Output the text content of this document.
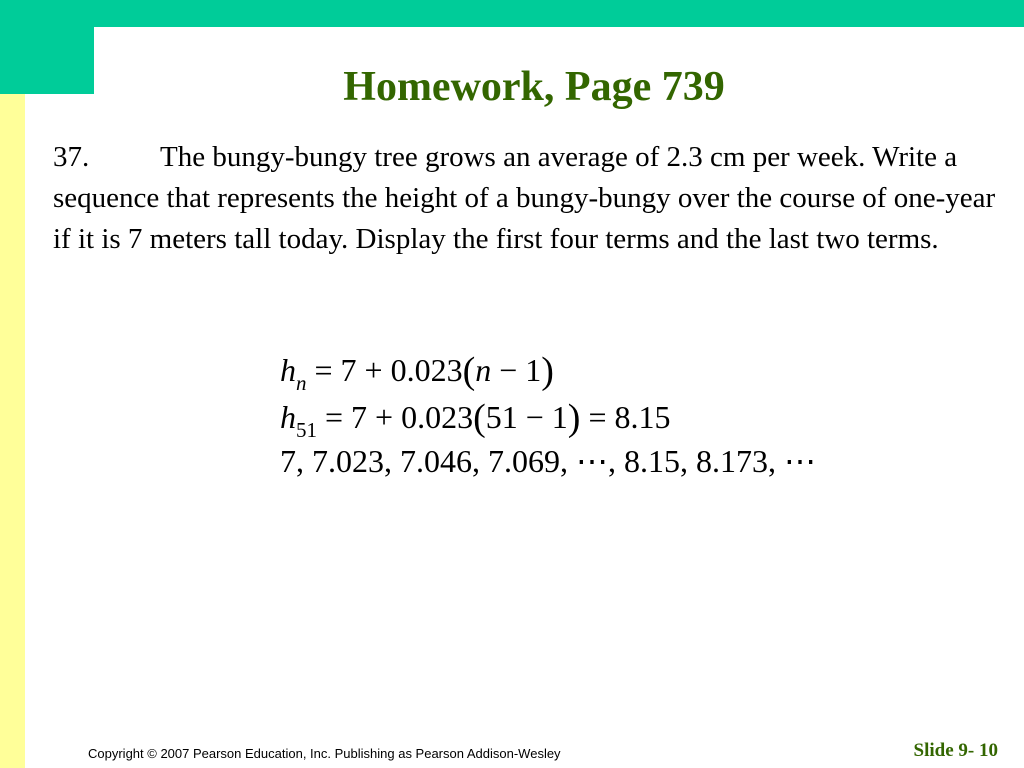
Homework, Page 739

37. The bungy-bungy tree grows an average of 2.3 cm per week. Write a sequence that represents the height of a bungy-bungy over the course of one-year if it is 7 meters tall today. Display the first four terms and the last two terms.

$h_n = 7 + 0.023(n - 1)$
$h_{51} = 7 + 0.023(51 - 1) = 8.15$
7, 7.023, 7.046, 7.069, ⋯, 8.15, 8.173, ⋯
Copyright © 2007 Pearson Education, Inc. Publishing as Pearson Addison-Wesley	Slide 9- 10
